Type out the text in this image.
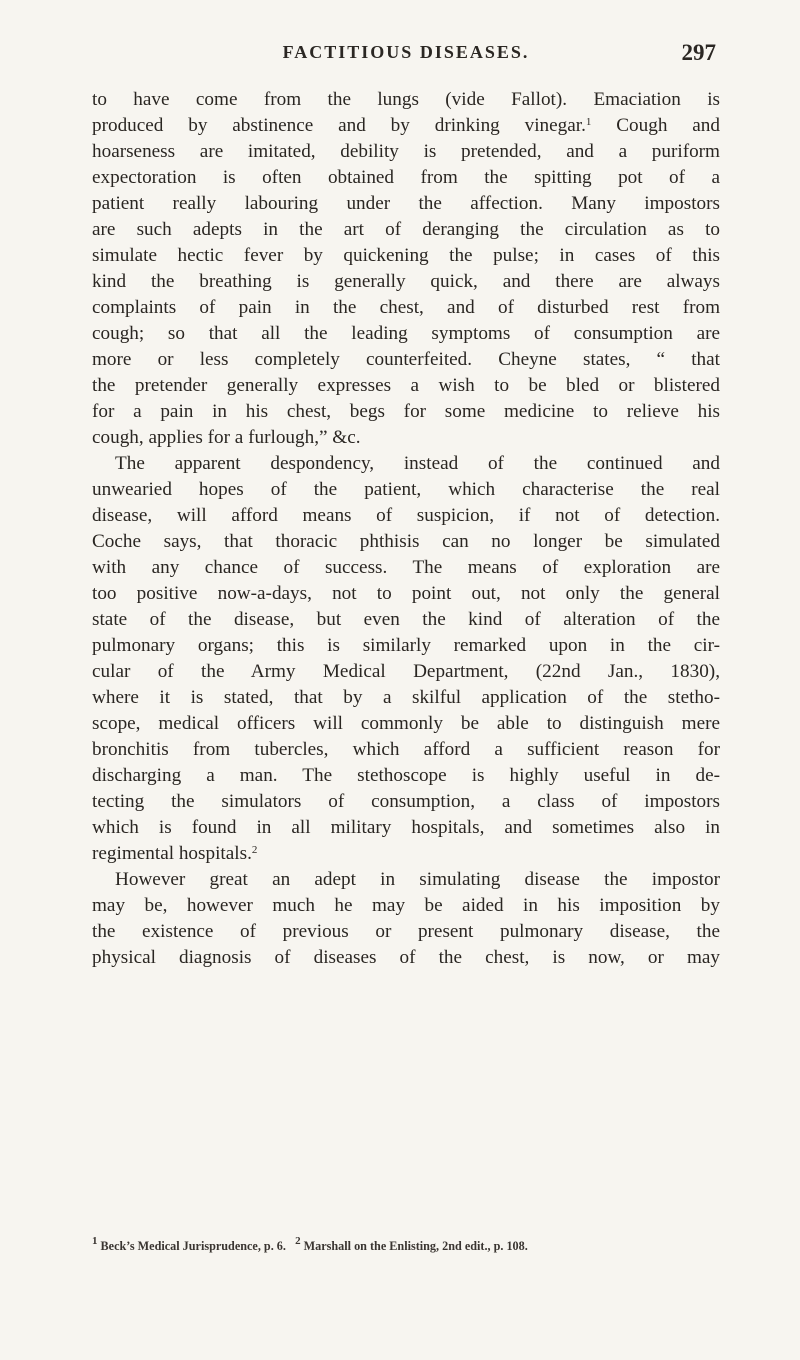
FACTITIOUS DISEASES.	297
to have come from the lungs (vide Fallot). Emaciation is
produced by abstinence and by drinking vinegar.$^1$ Cough and
hoarseness are imitated, debility is pretended, and a puriform
expectoration is often obtained from the spitting pot of a
patient really labouring under the affection. Many impostors
are such adepts in the art of deranging the circulation as to
simulate hectic fever by quickening the pulse; in cases of this
kind the breathing is generally quick, and there are always
complaints of pain in the chest, and of disturbed rest from
cough; so that all the leading symptoms of consumption are
more or less completely counterfeited. Cheyne states, “ that
the pretender generally expresses a wish to be bled or blistered
for a pain in his chest, begs for some medicine to relieve his
cough, applies for a furlough,” &c.
The apparent despondency, instead of the continued and
unwearied hopes of the patient, which characterise the real
disease, will afford means of suspicion, if not of detection.
Coche says, that thoracic phthisis can no longer be simulated
with any chance of success. The means of exploration are
too positive now-a-days, not to point out, not only the general
state of the disease, but even the kind of alteration of the
pulmonary organs; this is similarly remarked upon in the cir-
cular of the Army Medical Department, (22nd Jan., 1830),
where it is stated, that by a skilful application of the stetho-
scope, medical officers will commonly be able to distinguish mere
bronchitis from tubercles, which afford a sufficient reason for
discharging a man. The stethoscope is highly useful in de-
tecting the simulators of consumption, a class of impostors
which is found in all military hospitals, and sometimes also in
regimental hospitals.$^2$
However great an adept in simulating disease the impostor
may be, however much he may be aided in his imposition by
the existence of previous or present pulmonary disease, the
physical diagnosis of diseases of the chest, is now, or may
$^1$ Beck’s Medical Jurisprudence, p. 6. $^2$ Marshall on the Enlisting, 2nd edit., p. 108.
